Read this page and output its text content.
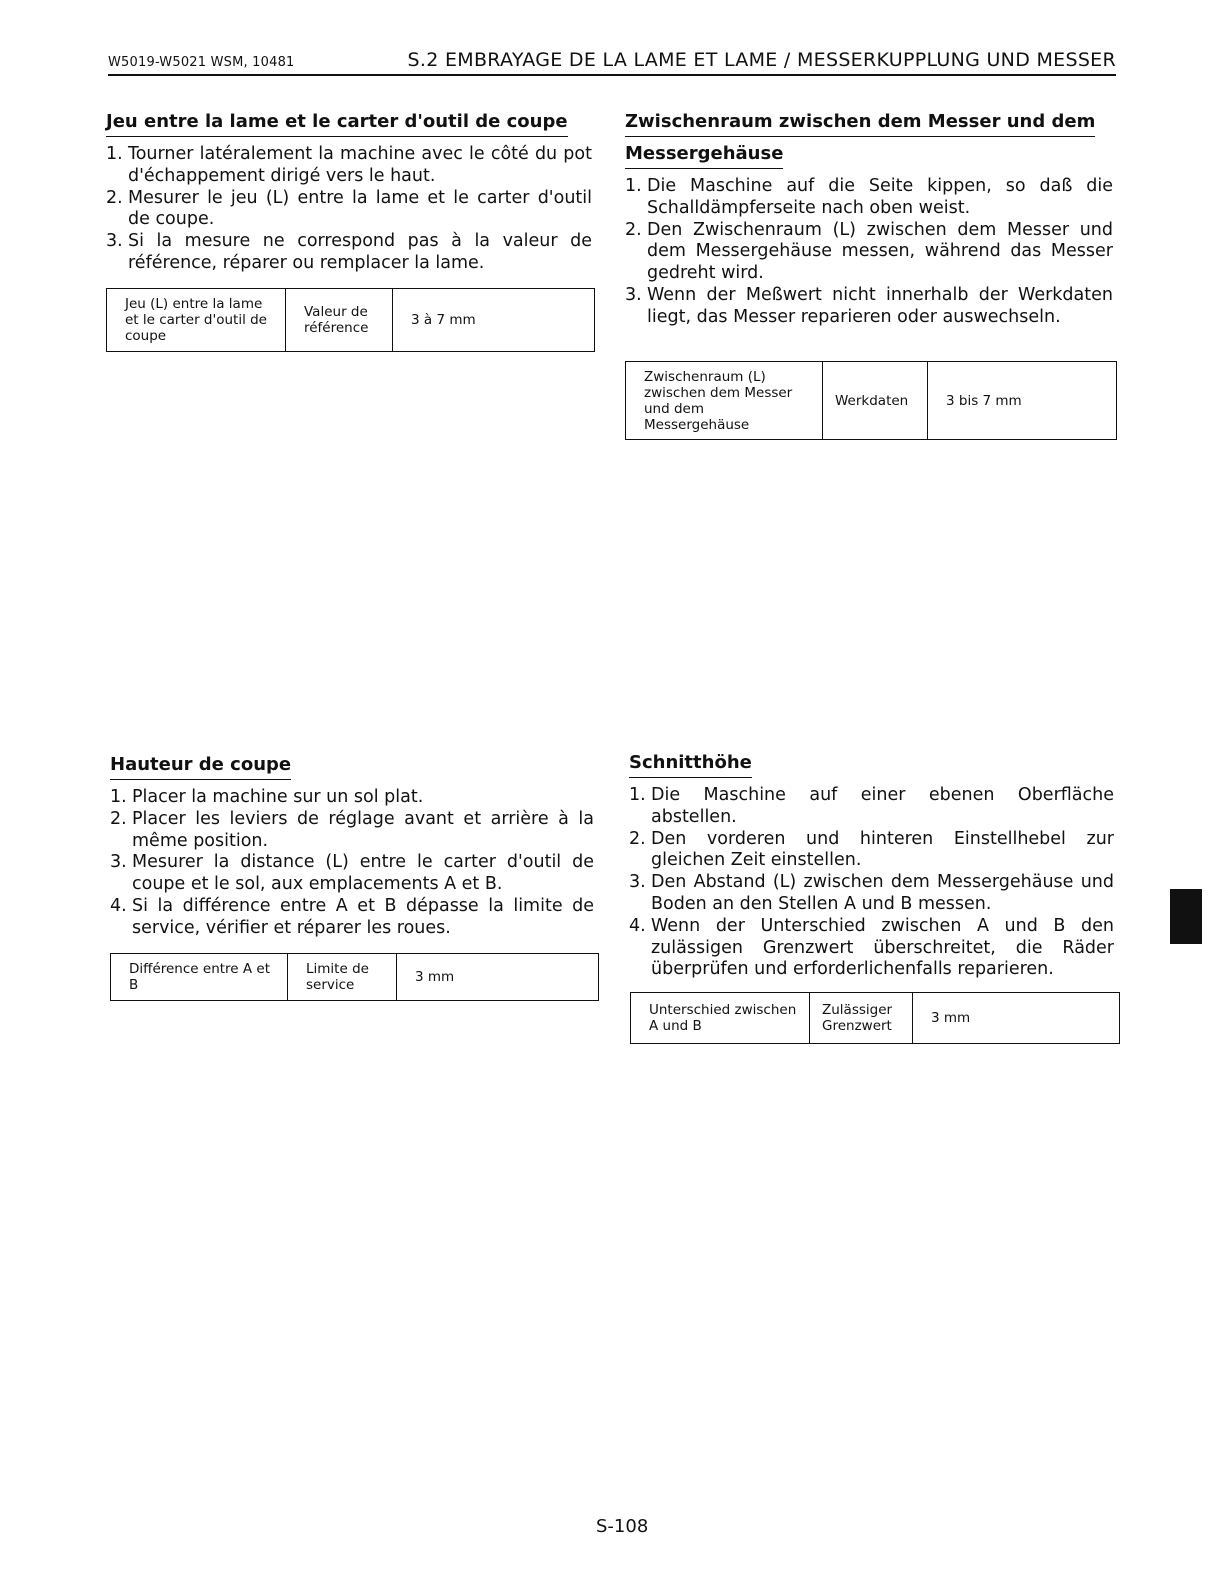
W5019-W5021 WSM, 10481	S.2 EMBRAYAGE DE LA LAME ET LAME / MESSERKUPPLUNG UND MESSER
Jeu entre la lame et le carter d'outil de coupe
1. Tourner latéralement la machine avec le côté du pot d'échappement dirigé vers le haut.
2. Mesurer le jeu (L) entre la lame et le carter d'outil de coupe.
3. Si la mesure ne correspond pas à la valeur de référence, réparer ou remplacer la lame.
Jeu (L) entre la lame et le carter d'outil de coupe	Valeur de référence	3 à 7 mm
Zwischenraum zwischen dem Messer und dem
Messergehäuse
1. Die Maschine auf die Seite kippen, so daß die Schalldämpferseite nach oben weist.
2. Den Zwischenraum (L) zwischen dem Messer und dem Messergehäuse messen, während das Messer gedreht wird.
3. Wenn der Meßwert nicht innerhalb der Werkdaten liegt, das Messer reparieren oder auswechseln.
Zwischenraum (L) zwischen dem Messer und dem Messergehäuse	Werkdaten	3 bis 7 mm
Hauteur de coupe
1. Placer la machine sur un sol plat.
2. Placer les leviers de réglage avant et arrière à la même position.
3. Mesurer la distance (L) entre le carter d'outil de coupe et le sol, aux emplacements A et B.
4. Si la différence entre A et B dépasse la limite de service, vérifier et réparer les roues.
Différence entre A et B	Limite de service	3 mm
Schnitthöhe
1. Die Maschine auf einer ebenen Oberfläche abstellen.
2. Den vorderen und hinteren Einstellhebel zur gleichen Zeit einstellen.
3. Den Abstand (L) zwischen dem Messergehäuse und Boden an den Stellen A und B messen.
4. Wenn der Unterschied zwischen A und B den zulässigen Grenzwert überschreitet, die Räder überprüfen und erforderlichenfalls reparieren.
Unterschied zwischen A und B	Zulässiger Grenzwert	3 mm
S-108
